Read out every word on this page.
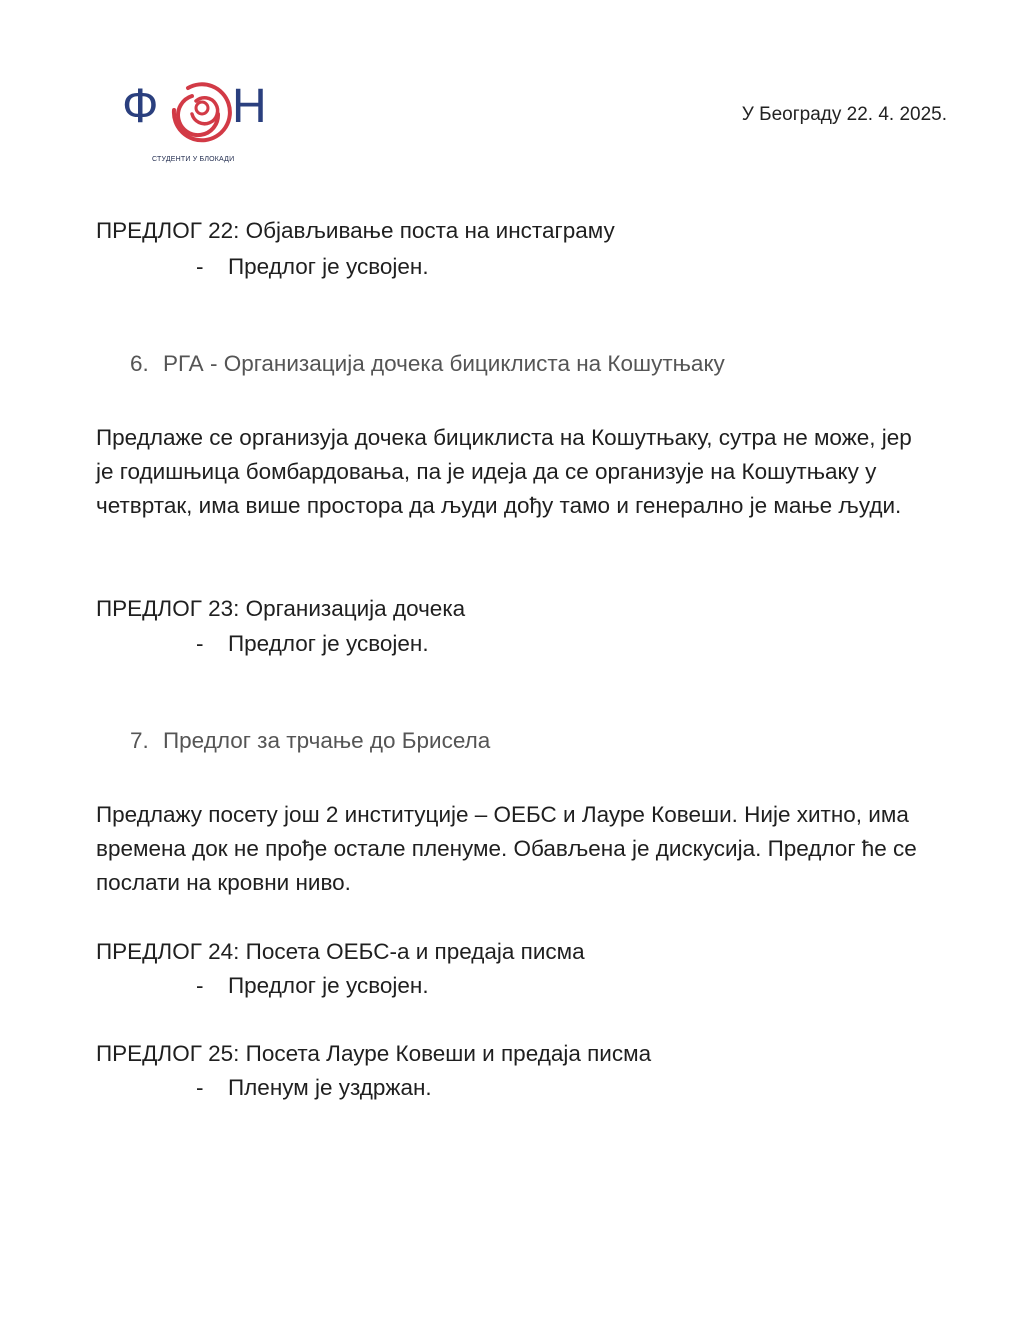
Ф Н
СТУДЕНТИ У БЛОКАДИ
У Београду 22. 4. 2025.
ПРЕДЛОГ 22: Објављивање поста на инстаграму
- Предлог је усвојен.
6. РГА - Организација дочека бициклиста на Кошутњаку
Предлаже се организуја дочека бициклиста на Кошутњаку, сутра не може, јер је годишњица бомбардовања, па је идеја да се организује на Кошутњаку у четвртак, има више простора да људи дођу тамо и генерално је мање људи.
ПРЕДЛОГ 23: Организација дочека
- Предлог је усвојен.
7. Предлог за трчање до Брисела
Предлажу посету још 2 институције – ОЕБС и Лауре Ковеши. Није хитно, има времена док не прође остале пленуме. Обављена је дискусија. Предлог ће се послати на кровни ниво.
ПРЕДЛОГ 24: Посета ОЕБС-а и предаја писма
- Предлог је усвојен.
ПРЕДЛОГ 25: Посета Лауре Ковеши и предаја писма
- Пленум је уздржан.
